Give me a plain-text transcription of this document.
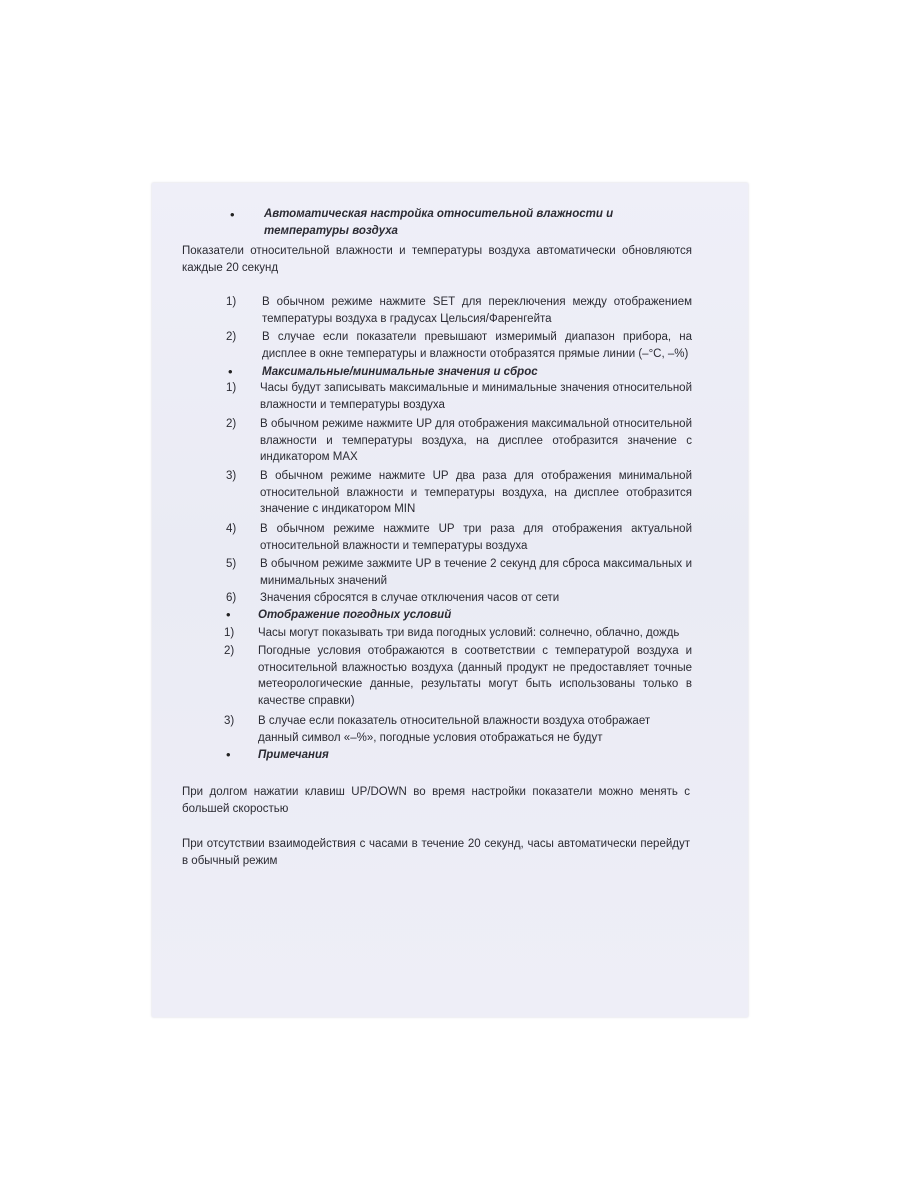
•	Автоматическая настройка относительной влажности и температуры воздуха
Показатели относительной влажности и температуры воздуха автоматически обновляются каждые 20 секунд
1) В обычном режиме нажмите SET для переключения между отображением температуры воздуха в градусах Цельсия/Фаренгейта
2) В случае если показатели превышают измеримый диапазон прибора, на дисплее в окне температуры и влажности отобразятся прямые линии (–°C, –%)
•	Максимальные/минимальные значения и сброс
1) Часы будут записывать максимальные и минимальные значения относительной влажности и температуры воздуха
2) В обычном режиме нажмите UP для отображения максимальной относительной влажности и температуры воздуха, на дисплее отобразится значение с индикатором MAX
3) В обычном режиме нажмите UP два раза для отображения минимальной относительной влажности и температуры воздуха, на дисплее отобразится значение с индикатором MIN
4) В обычном режиме нажмите UP три раза для отображения актуальной относительной влажности и температуры воздуха
5) В обычном режиме зажмите UP в течение 2 секунд для сброса максимальных и минимальных значений
6) Значения сбросятся в случае отключения часов от сети
• Отображение погодных условий
1) Часы могут показывать три вида погодных условий: солнечно, облачно, дождь
2) Погодные условия отображаются в соответствии с температурой воздуха и относительной влажностью воздуха (данный продукт не предоставляет точные метеорологические данные, результаты могут быть использованы только в качестве справки)
3) В случае если показатель относительной влажности воздуха отображает данный символ «–%», погодные условия отображаться не будут
• Примечания
При долгом нажатии клавиш UP/DOWN во время настройки показатели можно менять с большей скоростью
При отсутствии взаимодействия с часами в течение 20 секунд, часы автоматически перейдут в обычный режим
